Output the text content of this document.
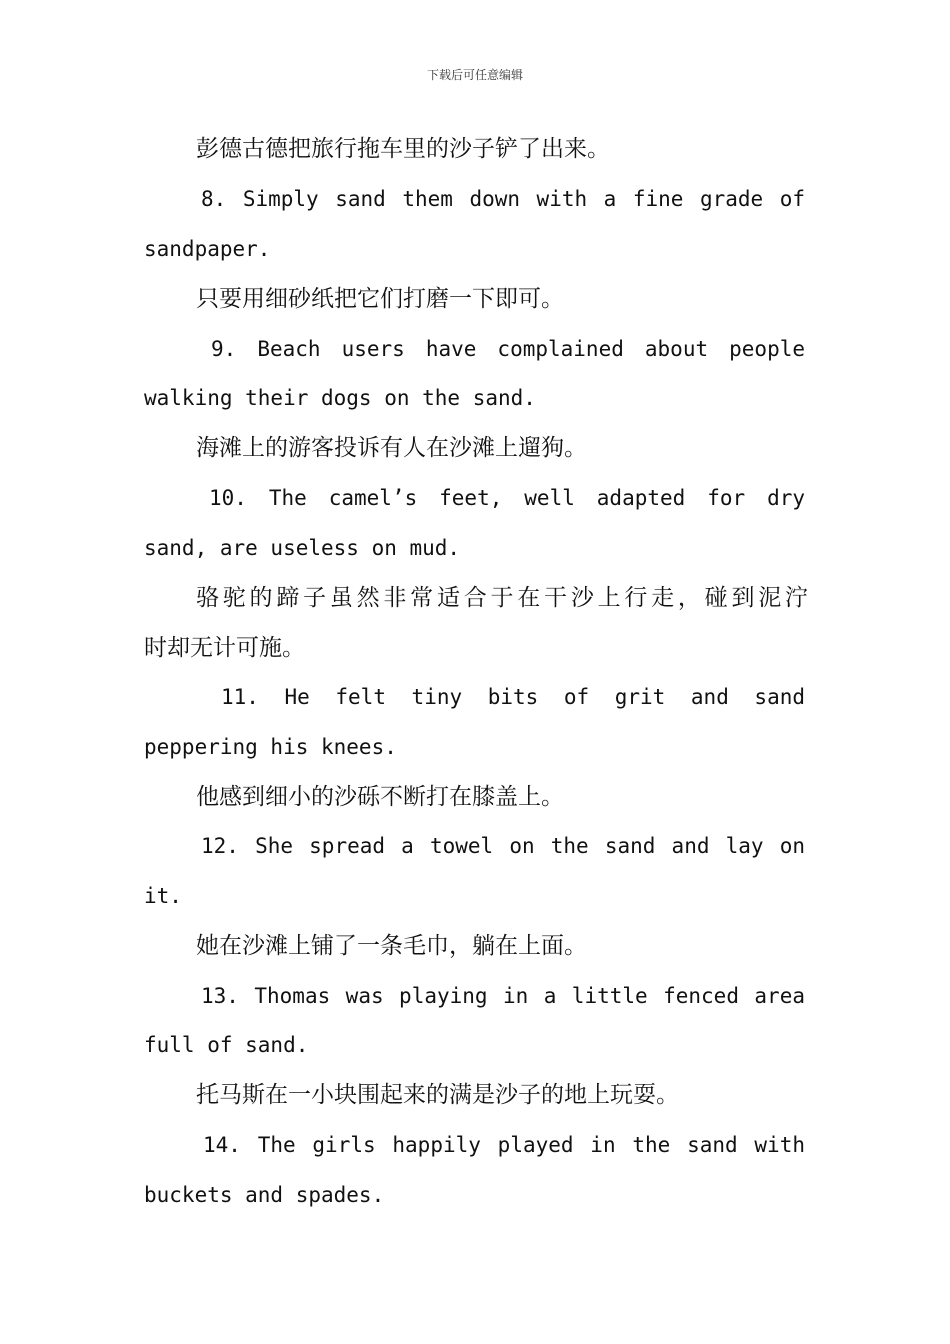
下载后可任意编辑
彭德古德把旅行拖车里的沙子铲了出来。
8. Simply sand them down with a fine grade of
sandpaper.
只要用细砂纸把它们打磨一下即可。
9. Beach users have complained about people
walking their dogs on the sand.
海滩上的游客投诉有人在沙滩上遛狗。
10. The camel’s feet, well adapted for dry
sand, are useless on mud.
骆驼的蹄子虽然非常适合于在干沙上行走，碰到泥泞
时却无计可施。
11. He felt tiny bits of grit and sand
peppering his knees.
他感到细小的沙砾不断打在膝盖上。
12. She spread a towel on the sand and lay on
it.
她在沙滩上铺了一条毛巾，躺在上面。
13. Thomas was playing in a little fenced area
full of sand.
托马斯在一小块围起来的满是沙子的地上玩耍。
14. The girls happily played in the sand with
buckets and spades.
